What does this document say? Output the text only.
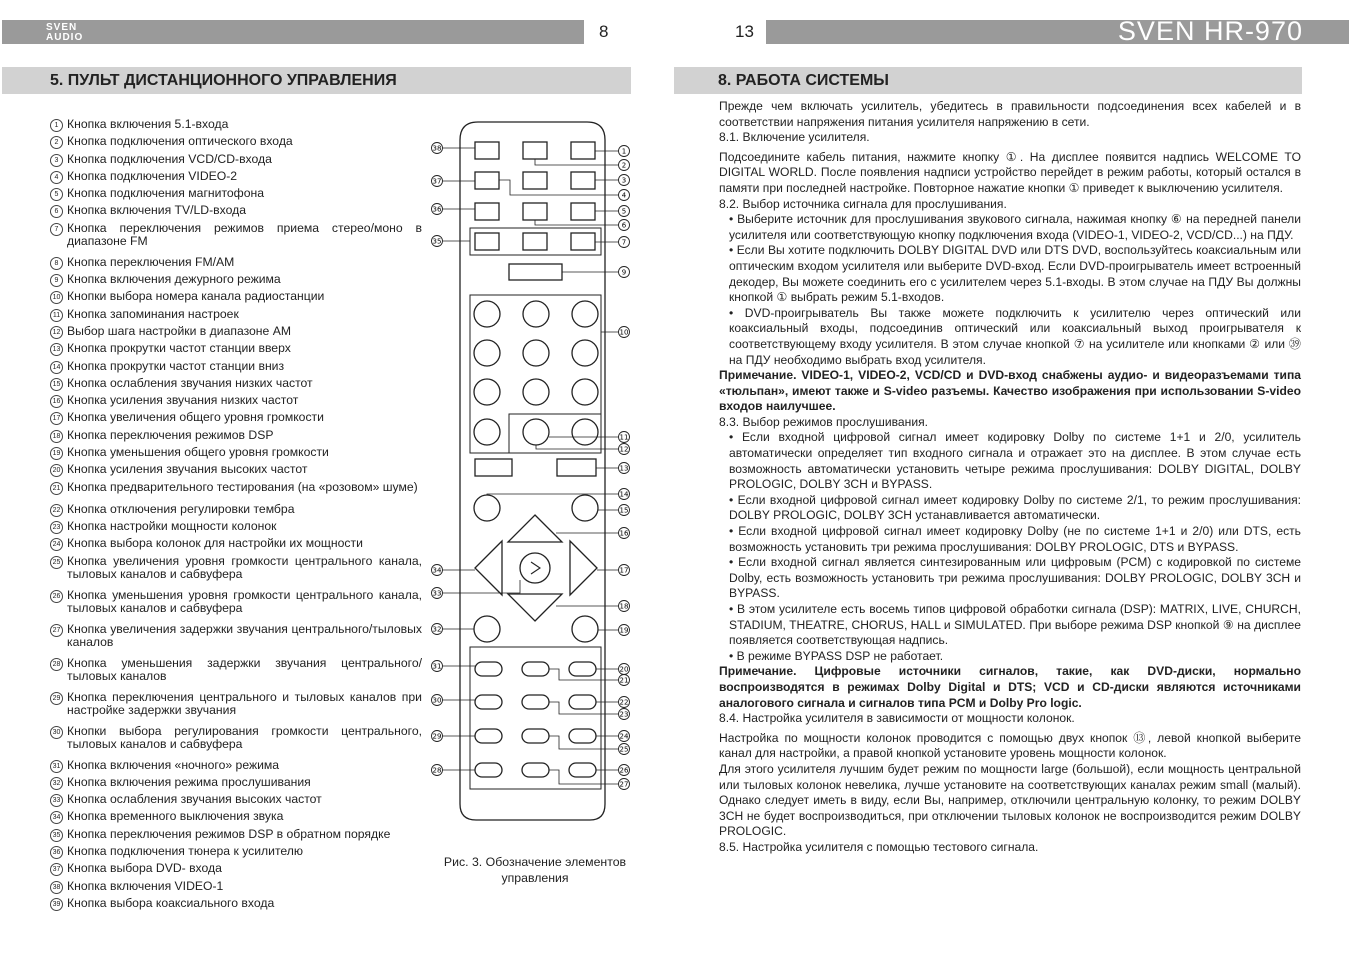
SVEN
AUDIO	8	13	SVEN HR-970
5. ПУЛЬТ ДИСТАНЦИОННОГО УПРАВЛЕНИЯ	8. РАБОТА СИСТЕМЫ
1 Кнопка включения 5.1-входа
2 Кнопка подключения оптического входа
3 Кнопка подключения VCD/CD-входа
4 Кнопка подключения VIDEO-2
5 Кнопка подключения магнитофона
6 Кнопка включения TV/LD-входа
7 Кнопка переключения режимов приема стерео/моно в диапазоне FM
8 Кнопка переключения FM/AM
9 Кнопка включения дежурного режима
10 Кнопки выбора номера канала радиостанции
11 Кнопка запоминания настроек
12 Выбор шага настройки в диапазоне AM
13 Кнопка прокрутки частот станции вверх
14 Кнопка прокрутки частот станции вниз
15 Кнопка ослабления звучания низких частот
16 Кнопка усиления звучания низких частот
17 Кнопка увеличения общего уровня громкости
18 Кнопка переключения режимов DSP
19 Кнопка уменьшения общего уровня громкости
20 Кнопка усиления звучания высоких частот
21 Кнопка предварительного тестирования (на «розовом» шуме)
22 Кнопка отключения регулировки тембра
23 Кнопка настройки мощности колонок
24 Кнопка выбора колонок для настройки их мощности
25 Кнопка увеличения уровня громкости центрального канала, тыловых каналов и сабвуфера
26 Кнопка уменьшения уровня громкости центрального канала, тыловых каналов и сабвуфера
27 Кнопка увеличения задержки звучания центрального/тыловых каналов
28 Кнопка уменьшения задержки звучания центрального/тыловых каналов
29 Кнопка переключения центрального и тыловых каналов при настройке задержки звучания
30 Кнопки выбора регулирования громкости центрального, тыловых каналов и сабвуфера
31 Кнопка включения «ночного» режима
32 Кнопка включения режима прослушивания
33 Кнопка ослабления звучания высоких частот
34 Кнопка временного выключения звука
35 Кнопка переключения режимов DSP в обратном порядке
36 Кнопка подключения тюнера к усилителю
37 Кнопка выбора DVD- входа
38 Кнопка включения VIDEO-1
39 Кнопка выбора коаксиального входа
1
2
3
4
5
6
7
9
10
11
12
13
14
15
16
17
18
19
20
21
22
23
24
25
26
27
38
37
36
35
34
33
32
31
30
29
28
Рис. 3. Обозначение элементов управления

Прежде чем включать усилитель, убедитесь в правильности подсоединения всех кабелей и в соответствии напряжения питания усилителя напряжению в сети.

8.1. Включение усилителя.

Подсоедините кабель питания, нажмите кнопку ①. На дисплее появится надпись WELCOME TO DIGITAL WORLD. После появления надписи устройство перейдет в режим работы, который остался в памяти при последней настройке. Повторное нажатие кнопки ① приведет к выключению усилителя.

8.2. Выбор источника сигнала для прослушивания.

• Выберите источник для прослушивания звукового сигнала, нажимая кнопку ⑥ на передней панели усилителя или соответствующую кнопку подключения входа (VIDEO-1, VIDEO-2, VCD/CD...) на ПДУ.

• Если Вы хотите подключить DOLBY DIGITAL DVD или DTS DVD, воспользуйтесь коаксиальным или оптическим входом усилителя или выберите DVD-вход. Если DVD-проигрыватель имеет встроенный декодер, Вы можете соединить его с усилителем через 5.1-входы. В этом случае на ПДУ Вы должны кнопкой ① выбрать режим 5.1-входов.

• DVD-проигрыватель Вы также можете подключить к усилителю через оптический или коаксиальный входы, подсоединив оптический или коаксиальный выход проигрывателя к соответствующему входу усилителя. В этом случае кнопкой ⑦ на усилителе или кнопками ② или ㊴ на ПДУ необходимо выбрать вход усилителя.

Примечание. VIDEO-1, VIDEO-2, VCD/CD и DVD-вход снабжены аудио- и видеоразъемами типа «тюльпан», имеют также и S-video разъемы. Качество изображения при использовании S-video входов наилучшее.

8.3. Выбор режимов прослушивания.

• Если входной цифровой сигнал имеет кодировку Dolby по системе 1+1 и 2/0, усилитель автоматически определяет тип входного сигнала и отражает это на дисплее. В этом случае есть возможность автоматически установить четыре режима прослушивания: DOLBY DIGITAL, DOLBY PROLOGIC, DOLBY 3CH и BYPASS.

• Если входной цифровой сигнал имеет кодировку Dolby по системе 2/1, то режим прослушивания: DOLBY PROLOGIC, DOLBY 3CH устанавливается автоматически.

• Если входной цифровой сигнал имеет кодировку Dolby (не по системе 1+1 и 2/0) или DTS, есть возможность установить три режима прослушивания: DOLBY PROLOGIC, DTS и BYPASS.

• Если входной сигнал является синтезированным или цифровым (PCM) с кодировкой по системе Dolby, есть возможность установить три режима прослушивания: DOLBY PROLOGIC, DOLBY 3CH и BYPASS.

• В этом усилителе есть восемь типов цифровой обработки сигнала (DSP): MATRIX, LIVE, CHURCH, STADIUM, THEATRE, CHORUS, HALL и SIMULATED. При выборе режима DSP кнопкой ⑨ на дисплее появляется соответствующая надпись.

• В режиме BYPASS DSP не работает.

Примечание. Цифровые источники сигналов, такие, как DVD-диски, нормально воспроизводятся в режимах Dolby Digital и DTS; VCD и CD-диски являются источниками аналогового сигнала и сигналов типа PCM и Dolby Pro logic.

8.4. Настройка усилителя в зависимости от мощности колонок.

Настройка по мощности колонок проводится с помощью двух кнопок ⑬, левой кнопкой выберите канал для настройки, а правой кнопкой установите уровень мощности колонок.

Для этого усилителя лучшим будет режим по мощности large (большой), если мощность центральной или тыловых колонок невелика, лучше установите на соответствующих каналах режим small (малый). Однако следует иметь в виду, если Вы, например, отключили центральную колонку, то режим DOLBY 3CH не будет воспроизводиться, при отключении тыловых колонок не воспроизводится режим DOLBY PROLOGIC.

8.5. Настройка усилителя с помощью тестового сигнала.
